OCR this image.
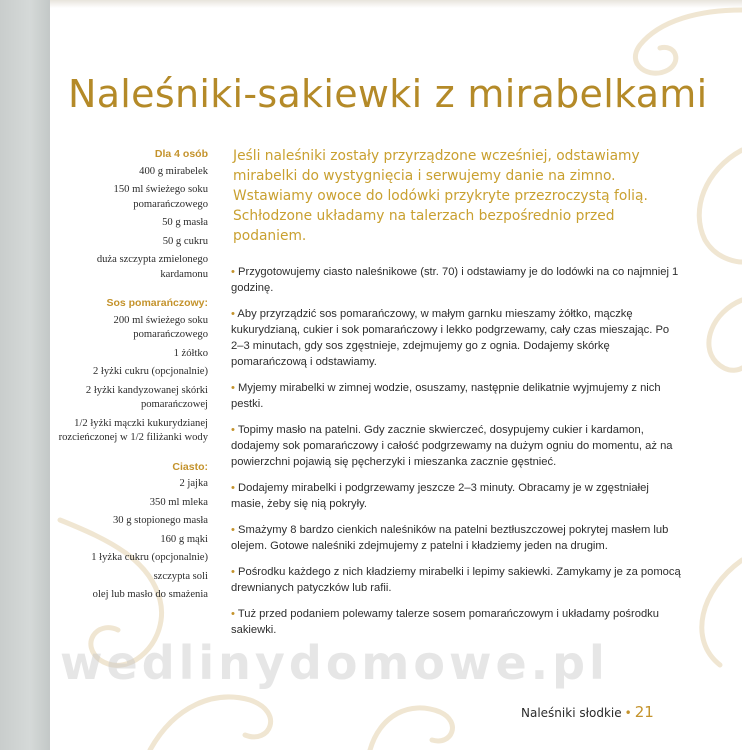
Naleśniki-sakiewki z mirabelkami
Dla 4 osób
400 g mirabelek
150 ml świeżego soku pomarańczowego
50 g masła
50 g cukru
duża szczypta zmielonego kardamonu
Sos pomarańczowy:
200 ml świeżego soku pomarańczowego
1 żółtko
2 łyżki cukru (opcjonalnie)
2 łyżki kandyzowanej skórki pomarańczowej
1/2 łyżki mączki kukurydzianej rozcieńczonej w 1/2 filiżanki wody
Ciasto:
2 jajka
350 ml mleka
30 g stopionego masła
160 g mąki
1 łyżka cukru (opcjonalnie)
szczypta soli
olej lub masło do smażenia

Jeśli naleśniki zostały przyrządzone wcześniej, odstawiamy mirabelki do wystygnięcia i serwujemy danie na zimno. Wstawiamy owoce do lodówki przykryte przezroczystą folią. Schłodzone układamy na talerzach bezpośrednio przed podaniem.

• Przygotowujemy ciasto naleśnikowe (str. 70) i odstawiamy je do lodówki na co najmniej 1 godzinę.

• Aby przyrządzić sos pomarańczowy, w małym garnku mieszamy żółtko, mączkę kukurydzianą, cukier i sok pomarańczowy i lekko podgrzewamy, cały czas mieszając. Po 2–3 minutach, gdy sos zgęstnieje, zdejmujemy go z ognia. Dodajemy skórkę pomarańczową i odstawiamy.

• Myjemy mirabelki w zimnej wodzie, osuszamy, następnie delikatnie wyjmujemy z nich pestki.

• Topimy masło na patelni. Gdy zacznie skwierczeć, dosypujemy cukier i kardamon, dodajemy sok pomarańczowy i całość podgrzewamy na dużym ogniu do momentu, aż na powierzchni pojawią się pęcherzyki i mieszanka zacznie gęstnieć.

• Dodajemy mirabelki i podgrzewamy jeszcze 2–3 minuty. Obracamy je w zgęstniałej masie, żeby się nią pokryły.

• Smażymy 8 bardzo cienkich naleśników na patelni beztłuszczowej pokrytej masłem lub olejem. Gotowe naleśniki zdejmujemy z patelni i kładziemy jeden na drugim.

• Pośrodku każdego z nich kładziemy mirabelki i lepimy sakiewki. Zamykamy je za pomocą drewnianych patyczków lub rafii.

• Tuż przed podaniem polewamy talerze sosem pomarańczowym i układamy pośrodku sakiewki.

wedlinydomowe.pl
Naleśniki słodkie • 21
